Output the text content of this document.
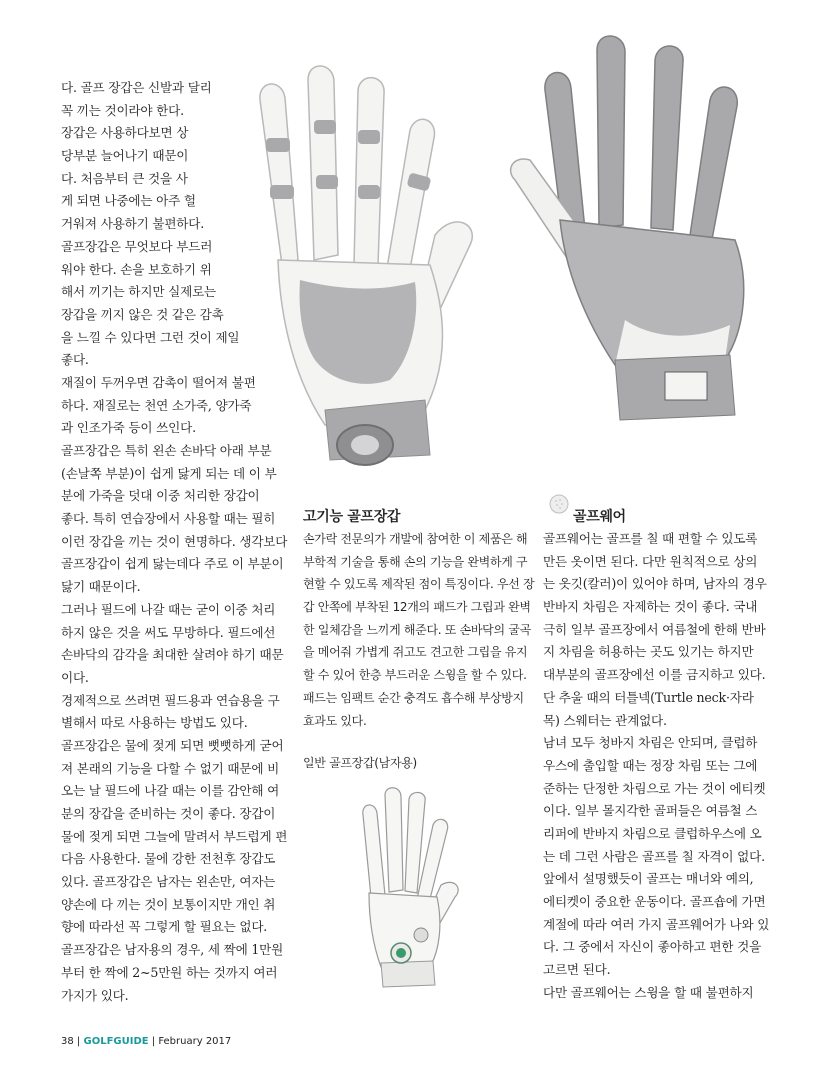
다. 골프 장갑은 신발과 달리
꼭 끼는 것이라야 한다.
장갑은 사용하다보면 상
당부분 늘어나기 때문이
다. 처음부터 큰 것을 사
게 되면 나중에는 아주 헐
거워져 사용하기 불편하다.
골프장갑은 무엇보다 부드러
워야 한다. 손을 보호하기 위
해서 끼기는 하지만 실제로는
장갑을 끼지 않은 것 같은 감촉
을 느낄 수 있다면 그런 것이 제일
좋다.
재질이 두꺼우면 감촉이 떨어져 불편
하다. 재질로는 천연 소가죽, 양가죽
과 인조가죽 등이 쓰인다.
골프장갑은 특히 왼손 손바닥 아래 부분
(손날쪽 부분)이 쉽게 닳게 되는 데 이 부
분에 가죽을 덧대 이중 처리한 장갑이
좋다. 특히 연습장에서 사용할 때는 필히
이런 장갑을 끼는 것이 현명하다. 생각보다
골프장갑이 쉽게 닳는데다 주로 이 부분이
닳기 때문이다.
그러나 필드에 나갈 때는 굳이 이중 처리
하지 않은 것을 써도 무방하다. 필드에선
손바닥의 감각을 최대한 살려야 하기 때문
이다.
경제적으로 쓰려면 필드용과 연습용을 구
별해서 따로 사용하는 방법도 있다.
골프장갑은 물에 젖게 되면 뻣뻣하게 굳어
져 본래의 기능을 다할 수 없기 때문에 비
오는 날 필드에 나갈 때는 이를 감안해 여
분의 장갑을 준비하는 것이 좋다. 장갑이
물에 젖게 되면 그늘에 말려서 부드럽게 편
다음 사용한다. 물에 강한 전천후 장갑도
있다. 골프장갑은 남자는 왼손만, 여자는
양손에 다 끼는 것이 보통이지만 개인 취
향에 따라선 꼭 그렇게 할 필요는 없다.
골프장갑은 남자용의 경우, 세 짝에 1만원
부터 한 짝에 2~5만원 하는 것까지 여러
가지가 있다.
고기능 골프장갑
손가락 전문의가 개발에 참여한 이 제품은 해
부학적 기술을 통해 손의 기능을 완벽하게 구
현할 수 있도록 제작된 점이 특징이다. 우선 장
갑 안쪽에 부착된 12개의 패드가 그립과 완벽
한 일체감을 느끼게 해준다. 또 손바닥의 굴곡
을 메어줘 가볍게 쥐고도 견고한 그립을 유지
할 수 있어 한층 부드러운 스윙을 할 수 있다.
패드는 임팩트 순간 충격도 흡수해 부상방지
효과도 있다.
일반 골프장갑(남자용)
골프웨어
골프웨어는 골프를 칠 때 편할 수 있도록
만든 옷이면 된다. 다만 원칙적으로 상의
는 옷깃(칼러)이 있어야 하며, 남자의 경우
반바지 차림은 자제하는 것이 좋다. 국내
극히 일부 골프장에서 여름철에 한해 반바
지 차림을 허용하는 곳도 있기는 하지만
대부분의 골프장에선 이를 금지하고 있다.
단 추울 때의 터틀넥(Turtle neck·자라
목) 스웨터는 관계없다.
남녀 모두 청바지 차림은 안되며, 클럽하
우스에 출입할 때는 정장 차림 또는 그에
준하는 단정한 차림으로 가는 것이 에티켓
이다. 일부 몰지각한 골퍼들은 여름철 스
리퍼에 반바지 차림으로 클럽하우스에 오
는 데 그런 사람은 골프를 칠 자격이 없다.
앞에서 설명했듯이 골프는 매너와 예의,
에티켓이 중요한 운동이다. 골프숍에 가면
계절에 따라 여러 가지 골프웨어가 나와 있
다. 그 중에서 자신이 좋아하고 편한 것을
고르면 된다.
다만 골프웨어는 스윙을 할 때 불편하지
38 | GOLFGUIDE | February 2017
